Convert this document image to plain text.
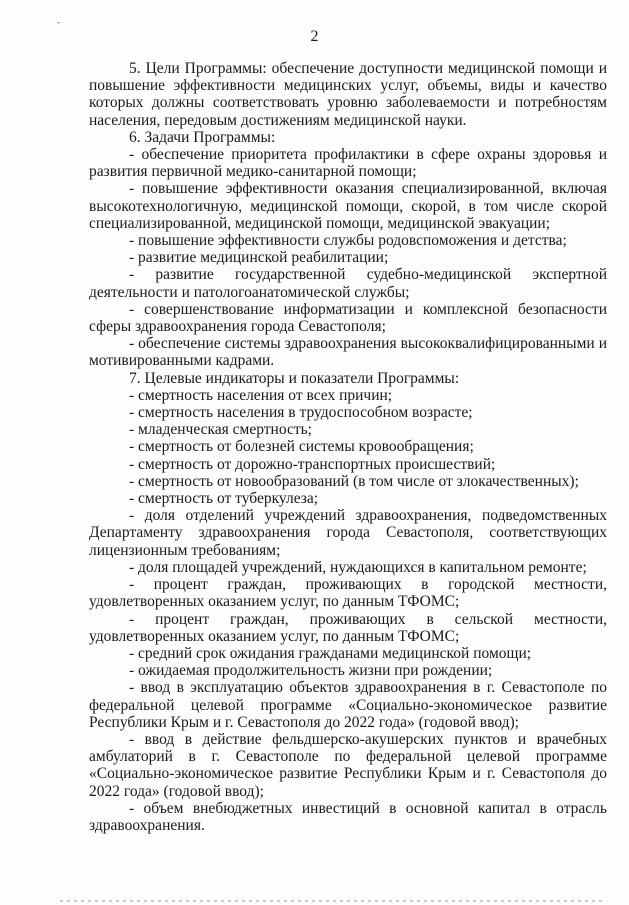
-
2

5. Цели Программы: обеспечение доступности медицинской помощи и повышение эффективности медицинских услуг, объемы, виды и качество которых должны соответствовать уровню заболеваемости и потребностям населения, передовым достижениям медицинской науки.

6. Задачи Программы:

- обеспечение приоритета профилактики в сфере охраны здоровья и развития первичной медико-санитарной помощи;

- повышение эффективности оказания специализированной, включая высокотехнологичную, медицинской помощи, скорой, в том числе скорой специализированной, медицинской помощи, медицинской эвакуации;

- повышение эффективности службы родовспоможения и детства;

- развитие медицинской реабилитации;

- развитие государственной судебно-медицинской экспертной деятельности и патологоанатомической службы;

- совершенствование информатизации и комплексной безопасности сферы здравоохранения города Севастополя;

- обеспечение системы здравоохранения высококвалифицированными и мотивированными кадрами.

7. Целевые индикаторы и показатели Программы:

- смертность населения от всех причин;

- смертность населения в трудоспособном возрасте;

- младенческая смертность;

- смертность от болезней системы кровообращения;

- смертность от дорожно-транспортных происшествий;

- смертность от новообразований (в том числе от злокачественных);

- смертность от туберкулеза;

- доля отделений учреждений здравоохранения, подведомственных Департаменту здравоохранения города Севастополя, соответствующих лицензионным требованиям;

- доля площадей учреждений, нуждающихся в капитальном ремонте;

- процент граждан, проживающих в городской местности, удовлетворенных оказанием услуг, по данным ТФОМС;

- процент граждан, проживающих в сельской местности, удовлетворенных оказанием услуг, по данным ТФОМС;

- средний срок ожидания гражданами медицинской помощи;

- ожидаемая продолжительность жизни при рождении;

- ввод в эксплуатацию объектов здравоохранения в г. Севастополе по федеральной целевой программе «Социально-экономическое развитие Республики Крым и г. Севастополя до 2022 года» (годовой ввод);

- ввод в действие фельдшерско-акушерских пунктов и врачебных амбулаторий в г. Севастополе по федеральной целевой программе «Социально-экономическое развитие Республики Крым и г. Севастополя до 2022 года» (годовой ввод);

- объем внебюджетных инвестиций в основной капитал в отрасль здравоохранения.
